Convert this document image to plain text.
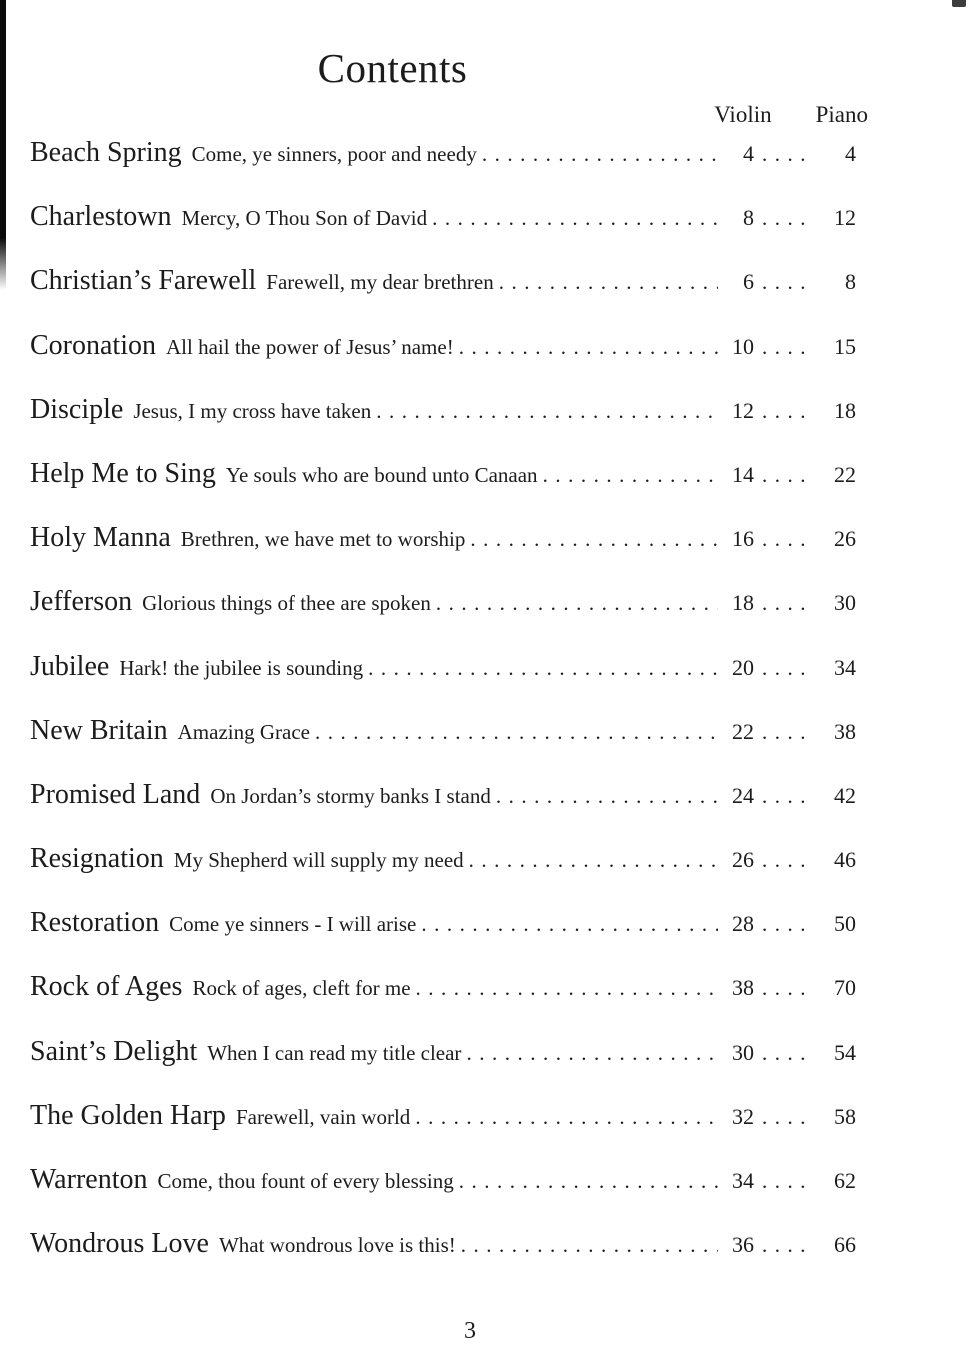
Contents
Violin Piano
Beach Spring Come, ye sinners, poor and needy .....	4 ......	4
Charlestown Mercy, O Thou Son of David .....	8 ......	12
Christian’s Farewell Farewell, my dear brethren .....	6 ......	8
Coronation All hail the power of Jesus’ name! .....	10 ......	15
Disciple Jesus, I my cross have taken .....	12 ......	18
Help Me to Sing Ye souls who are bound unto Canaan .....	14 ......	22
Holy Manna Brethren, we have met to worship .....	16 ......	26
Jefferson Glorious things of thee are spoken .....	18 ......	30
Jubilee Hark! the jubilee is sounding .....	20 ......	34
New Britain Amazing Grace .....	22 ......	38
Promised Land On Jordan’s stormy banks I stand .....	24 ......	42
Resignation My Shepherd will supply my need .....	26 ......	46
Restoration Come ye sinners - I will arise .....	28 ......	50
Rock of Ages Rock of ages, cleft for me .....	38 ......	70
Saint’s Delight When I can read my title clear .....	30 ......	54
The Golden Harp Farewell, vain world .....	32 ......	58
Warrenton Come, thou fount of every blessing .....	34 ......	62
Wondrous Love What wondrous love is this! .....	36 ......	66
3
